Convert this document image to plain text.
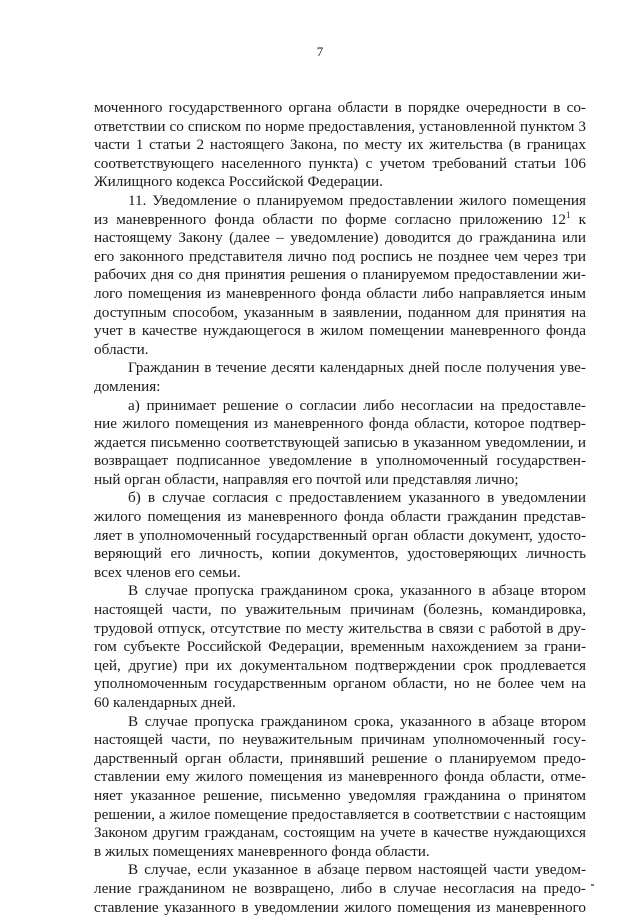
7
моченного государственного органа области в порядке очередности в со-
ответствии со списком по норме предоставления, установленной пунктом 3
части 1 статьи 2 настоящего Закона, по месту их жительства (в границах
соответствующего населенного пункта) с учетом требований статьи 106
Жилищного кодекса Российской Федерации.
11. Уведомление о планируемом предоставлении жилого помещения
из маневренного фонда области по форме согласно приложению $12^1$ к
настоящему Закону (далее – уведомление) доводится до гражданина или
его законного представителя лично под роспись не позднее чем через три
рабочих дня со дня принятия решения о планируемом предоставлении жи-
лого помещения из маневренного фонда области либо направляется иным
доступным способом, указанным в заявлении, поданном для принятия на
учет в качестве нуждающегося в жилом помещении маневренного фонда
области.
Гражданин в течение десяти календарных дней после получения уве-
домления:
а) принимает решение о согласии либо несогласии на предоставле-
ние жилого помещения из маневренного фонда области, которое подтвер-
ждается письменно соответствующей записью в указанном уведомлении, и
возвращает подписанное уведомление в уполномоченный государствен-
ный орган области, направляя его почтой или представляя лично;
б) в случае согласия с предоставлением указанного в уведомлении
жилого помещения из маневренного фонда области гражданин представ-
ляет в уполномоченный государственный орган области документ, удосто-
веряющий его личность, копии документов, удостоверяющих личность
всех членов его семьи.
В случае пропуска гражданином срока, указанного в абзаце втором
настоящей части, по уважительным причинам (болезнь, командировка,
трудовой отпуск, отсутствие по месту жительства в связи с работой в дру-
гом субъекте Российской Федерации, временным нахождением за грани-
цей, другие) при их документальном подтверждении срок продлевается
уполномоченным государственным органом области, но не более чем на
60 календарных дней.
В случае пропуска гражданином срока, указанного в абзаце втором
настоящей части, по неуважительным причинам уполномоченный госу-
дарственный орган области, принявший решение о планируемом предо-
ставлении ему жилого помещения из маневренного фонда области, отме-
няет указанное решение, письменно уведомляя гражданина о принятом
решении, а жилое помещение предоставляется в соответствии с настоящим
Законом другим гражданам, состоящим на учете в качестве нуждающихся
в жилых помещениях маневренного фонда области.
В случае, если указанное в абзаце первом настоящей части уведом-
ление гражданином не возвращено, либо в случае несогласия на предо-
ставление указанного в уведомлении жилого помещения из маневренного
